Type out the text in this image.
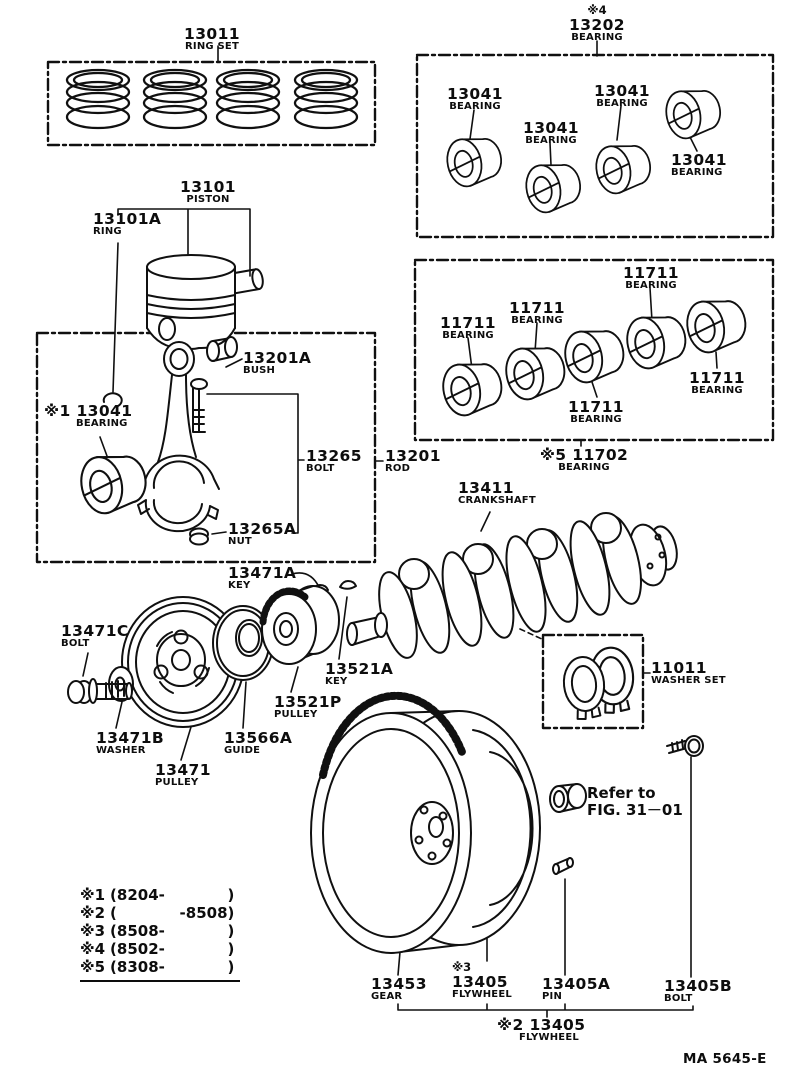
13011
RING SET
※4
13202
BEARING
13041
BEARING
13041
BEARING
13041
BEARING
13041
BEARING
13101
PISTON
13101A
RING
11711
BEARING
11711
BEARING
11711
BEARING
11711
BEARING
11711
BEARING
※5 11702
BEARING
※1 13041
BEARING
13201A
BUSH
13265
BOLT
13201
ROD
13265A
NUT
13411
CRANKSHAFT
13471A
KEY
13471C
BOLT
13521A
KEY
13521P
PULLEY
13471B
WASHER
13566A
GUIDE
13471
PULLEY
11011
WASHER SET
Refer to
FIG. 31－01
13453
GEAR
※3
13405
FLYWHEEL
13405A
PIN
13405B
BOLT
※2 13405
FLYWHEEL
※1 (8204-            )
※2 (            -8508)
※3 (8508-            )
※4 (8502-            )
※5 (8308-            )
MA 5645-E
